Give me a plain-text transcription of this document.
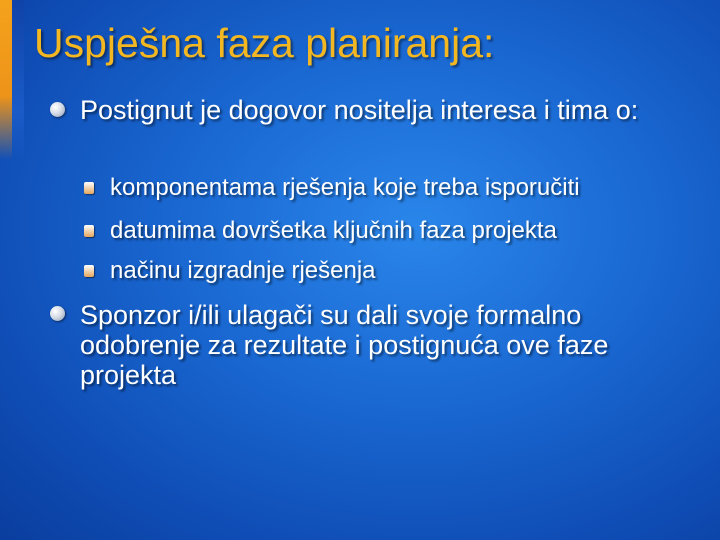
Uspješna faza planiranja:
Postignut je dogovor nositelja interesa i tima o:
komponentama rješenja koje treba isporučiti
datumima dovršetka ključnih faza projekta
načinu izgradnje rješenja
Sponzor i/ili ulagači su dali svoje formalno odobrenje za rezultate i postignuća ove faze projekta
